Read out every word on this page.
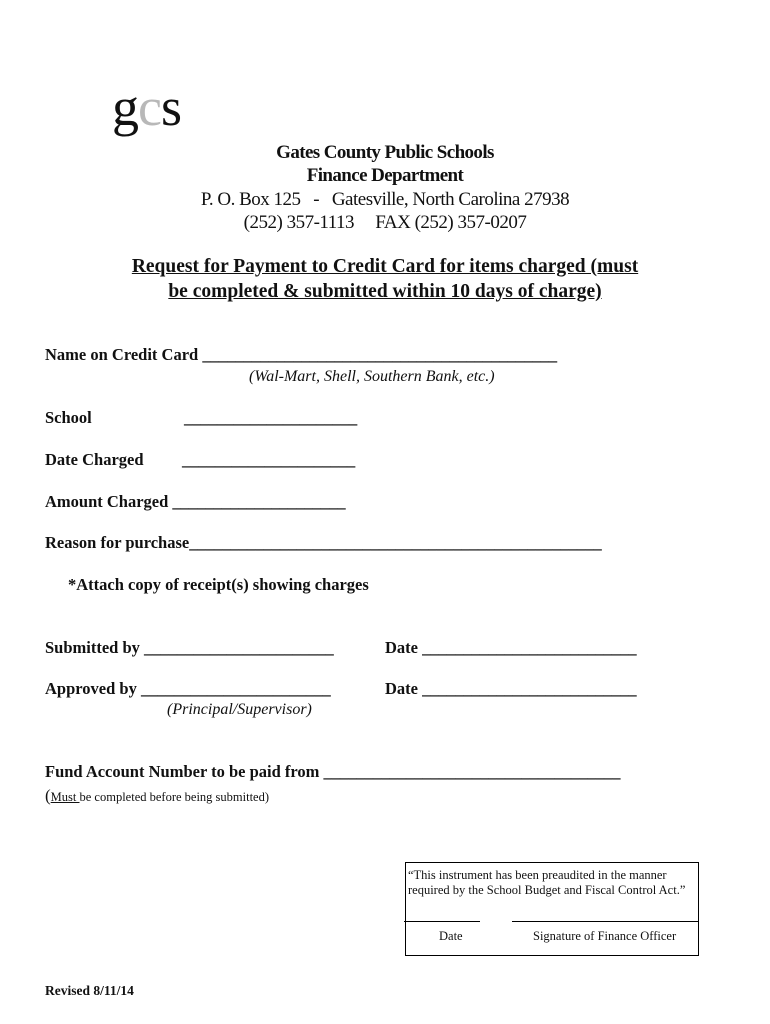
gcs
Gates County Public Schools
Finance Department
P. O. Box 125   -   Gatesville, North Carolina 27938
(252) 357-1113     FAX (252) 357-0207
Request for Payment to Credit Card for items charged (must
be completed & submitted within 10 days of charge)
Name on Credit Card ___________________________________________
(Wal-Mart, Shell, Southern Bank, etc.)
School	_____________________
Date Charged _____________________
Amount Charged _____________________
Reason for purchase__________________________________________________
*Attach copy of receipt(s) showing charges
Submitted by _______________________	Date __________________________
Approved by _______________________	Date __________________________
(Principal/Supervisor)
Fund Account Number to be paid from ____________________________________
(Must be completed before being submitted)
“This instrument has been preaudited in the manner required by the School Budget and Fiscal Control Act.”
Date	Signature of Finance Officer
Revised 8/11/14
